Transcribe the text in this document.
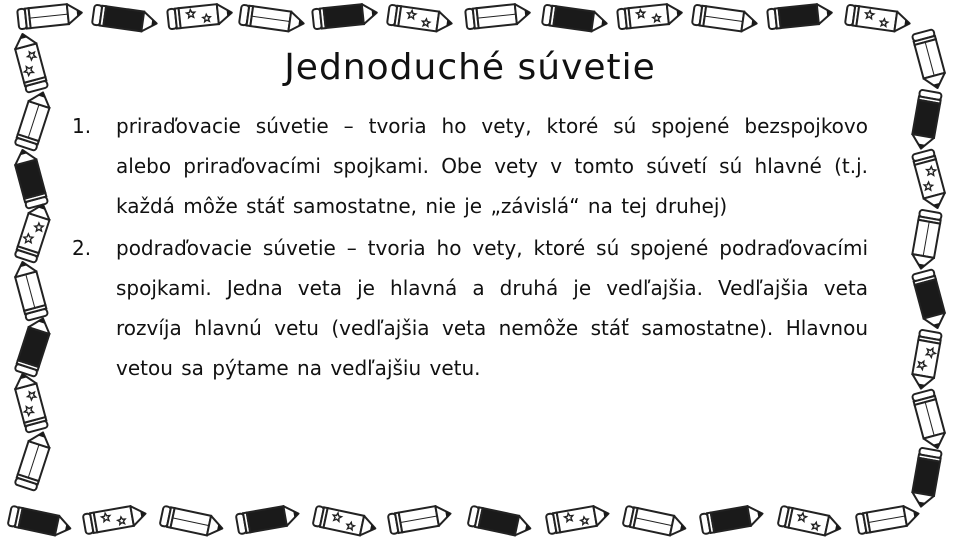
Jednoduché súvetie
1.	priraďovacie súvetie – tvoria ho vety, ktoré sú spojené bezspojkovo alebo priraďovacími spojkami. Obe vety v tomto súvetí sú hlavné (t.j. každá môže stáť samostatne, nie je „závislá“ na tej druhej)
2.	podraďovacie súvetie – tvoria ho vety, ktoré sú spojené podraďovacími spojkami. Jedna veta je hlavná a druhá je vedľajšia. Vedľajšia veta rozvíja hlavnú vetu (vedľajšia veta nemôže stáť samostatne). Hlavnou vetou sa pýtame na vedľajšiu vetu.
